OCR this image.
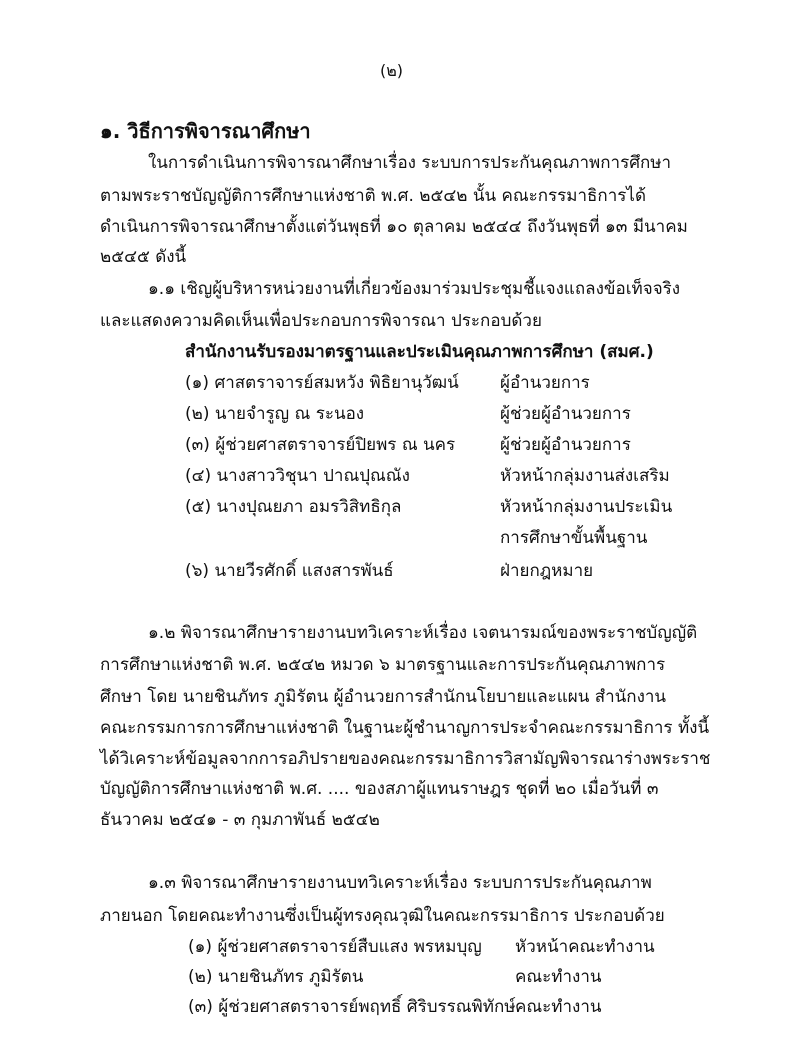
(๒)
๑. วิธีการพิจารณาศึกษา
ในการดำเนินการพิจารณาศึกษาเรื่อง ระบบการประกันคุณภาพการศึกษา
ตามพระราชบัญญัติการศึกษาแห่งชาติ พ.ศ. ๒๕๔๒ นั้น คณะกรรมาธิการได้
ดำเนินการพิจารณาศึกษาตั้งแต่วันพุธที่ ๑๐ ตุลาคม ๒๕๔๔ ถึงวันพุธที่ ๑๓ มีนาคม
๒๕๔๕ ดังนี้
๑.๑ เชิญผู้บริหารหน่วยงานที่เกี่ยวข้องมาร่วมประชุมชี้แจงแถลงข้อเท็จจริง
และแสดงความคิดเห็นเพื่อประกอบการพิจารณา ประกอบด้วย
สำนักงานรับรองมาตรฐานและประเมินคุณภาพการศึกษา (สมศ.)
(๑) ศาสตราจารย์สมหวัง พิธิยานุวัฒน์ ผู้อำนวยการ
(๒) นายจำรูญ ณ ระนอง	ผู้ช่วยผู้อำนวยการ
(๓) ผู้ช่วยศาสตราจารย์ปิยพร ณ นคร	ผู้ช่วยผู้อำนวยการ
(๔) นางสาววิชุนา ปาณปุณณัง	หัวหน้ากลุ่มงานส่งเสริม
(๕) นางปุณยภา อมรวิสิทธิกุล	หัวหน้ากลุ่มงานประเมิน
การศึกษาขั้นพื้นฐาน
(๖) นายวีรศักดิ์ แสงสารพันธ์	ฝ่ายกฎหมาย
๑.๒ พิจารณาศึกษารายงานบทวิเคราะห์เรื่อง เจตนารมณ์ของพระราชบัญญัติ
การศึกษาแห่งชาติ พ.ศ. ๒๕๔๒ หมวด ๖ มาตรฐานและการประกันคุณภาพการ
ศึกษา โดย นายชินภัทร ภูมิรัตน ผู้อำนวยการสำนักนโยบายและแผน สำนักงาน
คณะกรรมการการศึกษาแห่งชาติ ในฐานะผู้ชำนาญการประจำคณะกรรมาธิการ ทั้งนี้
ได้วิเคราะห์ข้อมูลจากการอภิปรายของคณะกรรมาธิการวิสามัญพิจารณาร่างพระราช
บัญญัติการศึกษาแห่งชาติ พ.ศ. .... ของสภาผู้แทนราษฎร ชุดที่ ๒๐ เมื่อวันที่ ๓
ธันวาคม ๒๕๔๑ - ๓ กุมภาพันธ์ ๒๕๔๒
๑.๓ พิจารณาศึกษารายงานบทวิเคราะห์เรื่อง ระบบการประกันคุณภาพ
ภายนอก โดยคณะทำงานซึ่งเป็นผู้ทรงคุณวุฒิในคณะกรรมาธิการ ประกอบด้วย
(๑) ผู้ช่วยศาสตราจารย์สืบแสง พรหมบุญ หัวหน้าคณะทำงาน
(๒) นายชินภัทร ภูมิรัตน	คณะทำงาน
(๓) ผู้ช่วยศาสตราจารย์พฤทธิ์ ศิริบรรณพิทักษ์ คณะทำงาน
